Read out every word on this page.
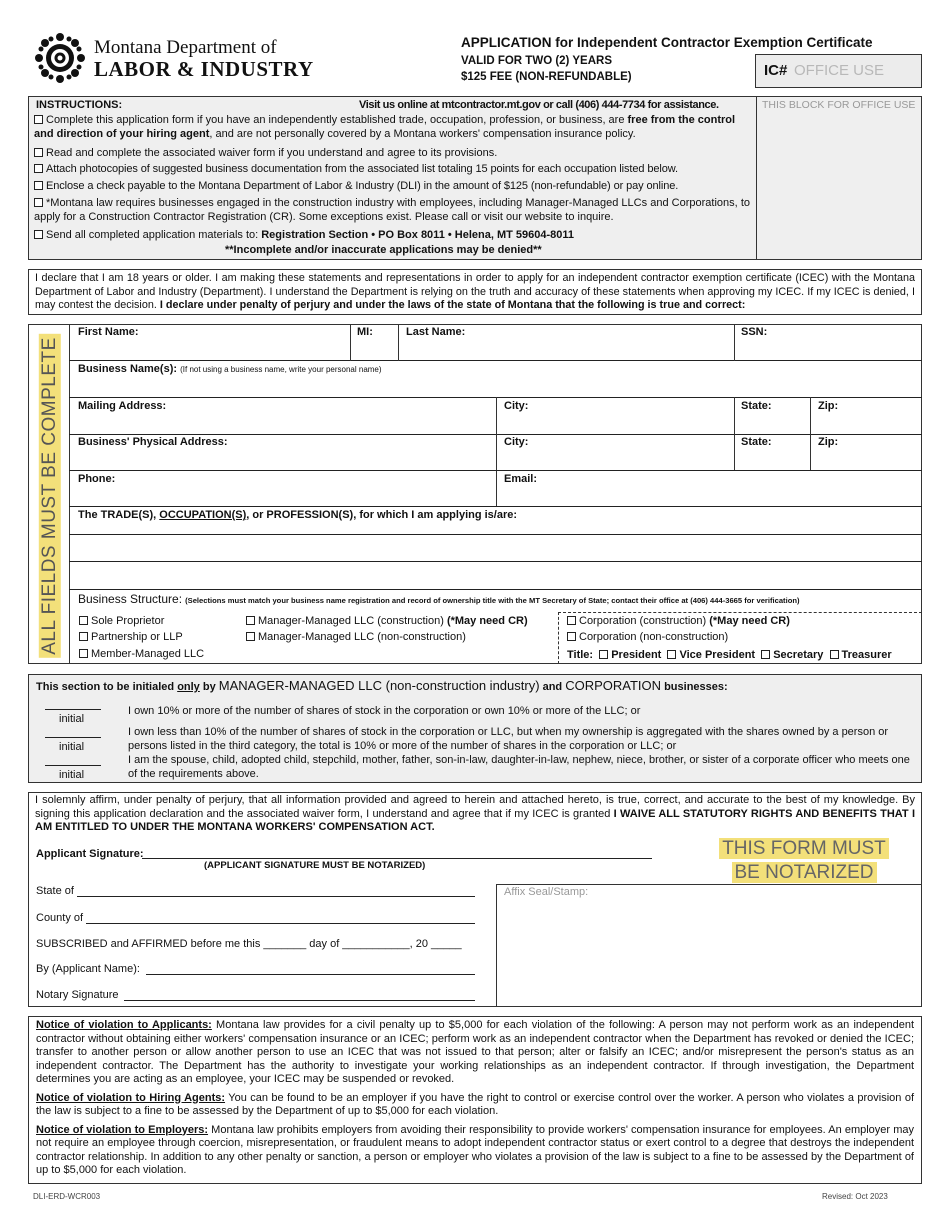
Montana Department of
LABOR & INDUSTRY
APPLICATION for Independent Contractor Exemption Certificate
VALID FOR TWO (2) YEARS
$125 FEE (NON-REFUNDABLE)	IC# OFFICE USE
THIS BLOCK FOR OFFICE USE
INSTRUCTIONS:	Visit us online at mtcontractor.mt.gov or call (406) 444-7734 for assistance.
Complete this application form if you have an independently established trade, occupation, profession, or business, are free from the control and direction of your hiring agent, and are not personally covered by a Montana workers' compensation insurance policy.
Read and complete the associated waiver form if you understand and agree to its provisions.
Attach photocopies of suggested business documentation from the associated list totaling 15 points for each occupation listed below.
Enclose a check payable to the Montana Department of Labor & Industry (DLI) in the amount of $125 (non-refundable) or pay online.
*Montana law requires businesses engaged in the construction industry with employees, including Manager-Managed LLCs and Corporations, to apply for a Construction Contractor Registration (CR). Some exceptions exist. Please call or visit our website to inquire.
Send all completed application materials to: Registration Section • PO Box 8011 • Helena, MT 59604-8011
**Incomplete and/or inaccurate applications may be denied**
I declare that I am 18 years or older. I am making these statements and representations in order to apply for an independent contractor exemption certificate (ICEC) with the Montana Department of Labor and Industry (Department). I understand the Department is relying on the truth and accuracy of these statements when approving my ICEC. If my ICEC is denied, I may contest the decision. I declare under penalty of perjury and under the laws of the state of Montana that the following is true and correct:
ALL FIELDS MUST BE COMPLETE
First Name:	MI:	Last Name:	SSN:
Business Name(s): (If not using a business name, write your personal name)
Mailing Address:	City:	State:	Zip:
Business' Physical Address:	City:	State:	Zip:
Phone:	Email:
The TRADE(S), OCCUPATION(S), or PROFESSION(S), for which I am applying is/are:
Business Structure: (Selections must match your business name registration and record of ownership title with the MT Secretary of State; contact their office at (406) 444-3665 for verification)
Sole Proprietor
Partnership or LLP
Member-Managed LLC
Manager-Managed LLC (construction) (*May need CR)
Manager-Managed LLC (non-construction)
Corporation (construction) (*May need CR)
Corporation (non-construction)
Title: President Vice President Secretary Treasurer
This section to be initialed only by MANAGER-MANAGED LLC (non-construction industry) and CORPORATION businesses:
initial
I own 10% or more of the number of shares of stock in the corporation or own 10% or more of the LLC; or
initial
I own less than 10% of the number of shares of stock in the corporation or LLC, but when my ownership is aggregated with the shares owned by a person or persons listed in the third category, the total is 10% or more of the number of shares in the corporation or LLC; or
initial
I am the spouse, child, adopted child, stepchild, mother, father, son-in-law, daughter-in-law, nephew, niece, brother, or sister of a corporate officer who meets one of the requirements above.
I solemnly affirm, under penalty of perjury, that all information provided and agreed to herein and attached hereto, is true, correct, and accurate to the best of my knowledge. By signing this application declaration and the associated waiver form, I understand and agree that if my ICEC is granted I WAIVE ALL STATUTORY RIGHTS AND BENEFITS THAT I AM ENTITLED TO UNDER THE MONTANA WORKERS' COMPENSATION ACT.
Applicant Signature:
(APPLICANT SIGNATURE MUST BE NOTARIZED)
THIS FORM MUST
BE NOTARIZED
Affix Seal/Stamp:
State of
County of
SUBSCRIBED and AFFIRMED before me this _______ day of ___________, 20 _____
By (Applicant Name):
Notary Signature
Notice of violation to Applicants: Montana law provides for a civil penalty up to $5,000 for each violation of the following: A person may not perform work as an independent contractor without obtaining either workers' compensation insurance or an ICEC; perform work as an independent contractor when the Department has revoked or denied the ICEC; transfer to another person or allow another person to use an ICEC that was not issued to that person; alter or falsify an ICEC; and/or misrepresent the person's status as an independent contractor. The Department has the authority to investigate your working relationships as an independent contractor. If through investigation, the Department determines you are acting as an employee, your ICEC may be suspended or revoked.
Notice of violation to Hiring Agents: You can be found to be an employer if you have the right to control or exercise control over the worker. A person who violates a provision of the law is subject to a fine to be assessed by the Department of up to $5,000 for each violation.
Notice of violation to Employers: Montana law prohibits employers from avoiding their responsibility to provide workers' compensation insurance for employees. An employer may not require an employee through coercion, misrepresentation, or fraudulent means to adopt independent contractor status or exert control to a degree that destroys the independent contractor relationship. In addition to any other penalty or sanction, a person or employer who violates a provision of the law is subject to a fine to be assessed by the Department of up to $5,000 for each violation.
DLI-ERD-WCR003	Revised: Oct 2023
